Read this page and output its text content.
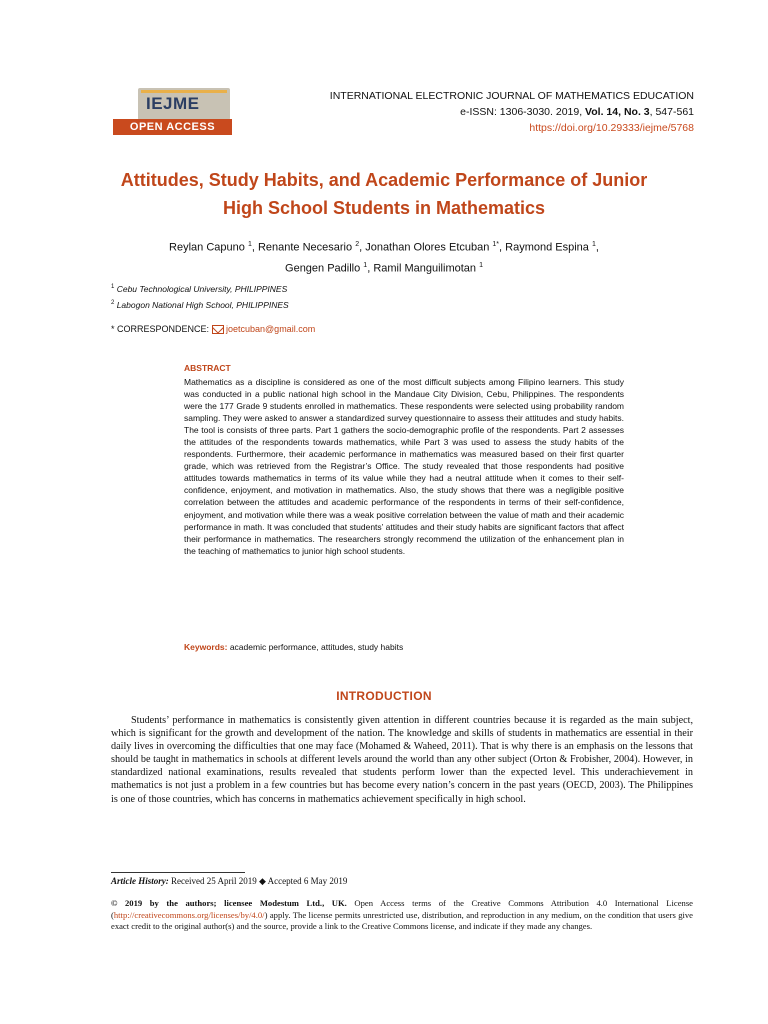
IEJME
OPEN ACCESS
INTERNATIONAL ELECTRONIC JOURNAL OF MATHEMATICS EDUCATION
e-ISSN: 1306-3030. 2019, Vol. 14, No. 3, 547-561
https://doi.org/10.29333/iejme/5768
Attitudes, Study Habits, and Academic Performance of Junior
High School Students in Mathematics
Reylan Capuno $^1$, Renante Necesario $^2$, Jonathan Olores Etcuban $^{1*}$, Raymond Espina $^1$,
Gengen Padillo $^1$, Ramil Manguilimotan $^1$
$^1$ Cebu Technological University, PHILIPPINES
$^2$ Labogon National High School, PHILIPPINES
* CORRESPONDENCE: joetcuban@gmail.com
ABSTRACT
Mathematics as a discipline is considered as one of the most difficult subjects among Filipino learners. This study was conducted in a public national high school in the Mandaue City Division, Cebu, Philippines. The respondents were the 177 Grade 9 students enrolled in mathematics. These respondents were selected using probability random sampling. They were asked to answer a standardized survey questionnaire to assess their attitudes and study habits. The tool is consists of three parts. Part 1 gathers the socio-demographic profile of the respondents. Part 2 assesses the attitudes of the respondents towards mathematics, while Part 3 was used to assess the study habits of the respondents. Furthermore, their academic performance in mathematics was measured based on their first quarter grade, which was retrieved from the Registrar’s Office. The study revealed that those respondents had positive attitudes towards mathematics in terms of its value while they had a neutral attitude when it comes to their self-confidence, enjoyment, and motivation in mathematics. Also, the study shows that there was a negligible positive correlation between the attitudes and academic performance of the respondents in terms of their self-confidence, enjoyment, and motivation while there was a weak positive correlation between the value of math and their academic performance in math. It was concluded that students’ attitudes and their study habits are significant factors that affect their performance in mathematics. The researchers strongly recommend the utilization of the enhancement plan in the teaching of mathematics to junior high school students.
Keywords: academic performance, attitudes, study habits
INTRODUCTION
Students’ performance in mathematics is consistently given attention in different countries because it is regarded as the main subject, which is significant for the growth and development of the nation. The knowledge and skills of students in mathematics are essential in their daily lives in overcoming the difficulties that one may face (Mohamed & Waheed, 2011). That is why there is an emphasis on the lessons that should be taught in mathematics in schools at different levels around the world than any other subject (Orton & Frobisher, 2004). However, in standardized national examinations, results revealed that students perform lower than the expected level. This underachievement in mathematics is not just a problem in a few countries but has become every nation’s concern in the past years (OECD, 2003). The Philippines is one of those countries, which has concerns in mathematics achievement specifically in high school.
Article History: Received 25 April 2019 ◆ Accepted 6 May 2019
© 2019 by the authors; licensee Modestum Ltd., UK. Open Access terms of the Creative Commons Attribution 4.0 International License (http://creativecommons.org/licenses/by/4.0/) apply. The license permits unrestricted use, distribution, and reproduction in any medium, on the condition that users give exact credit to the original author(s) and the source, provide a link to the Creative Commons license, and indicate if they made any changes.
